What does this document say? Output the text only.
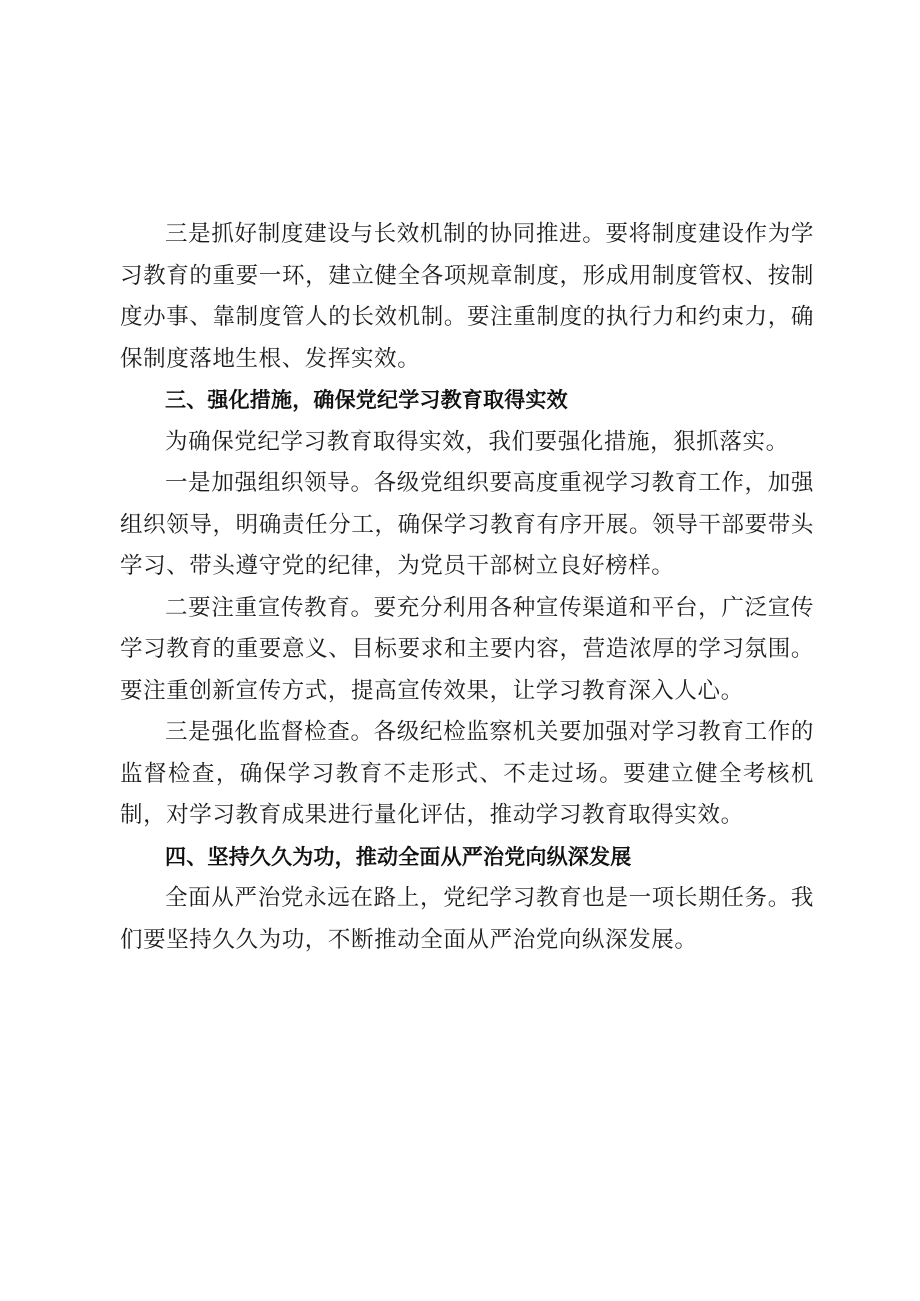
三是抓好制度建设与长效机制的协同推进。要将制度建设作为学习教育的重要一环，建立健全各项规章制度，形成用制度管权、按制度办事、靠制度管人的长效机制。要注重制度的执行力和约束力，确保制度落地生根、发挥实效。

三、强化措施，确保党纪学习教育取得实效

为确保党纪学习教育取得实效，我们要强化措施，狠抓落实。

一是加强组织领导。各级党组织要高度重视学习教育工作，加强组织领导，明确责任分工，确保学习教育有序开展。领导干部要带头学习、带头遵守党的纪律，为党员干部树立良好榜样。

二要注重宣传教育。要充分利用各种宣传渠道和平台，广泛宣传学习教育的重要意义、目标要求和主要内容，营造浓厚的学习氛围。要注重创新宣传方式，提高宣传效果，让学习教育深入人心。

三是强化监督检查。各级纪检监察机关要加强对学习教育工作的监督检查，确保学习教育不走形式、不走过场。要建立健全考核机制，对学习教育成果进行量化评估，推动学习教育取得实效。

四、坚持久久为功，推动全面从严治党向纵深发展

全面从严治党永远在路上，党纪学习教育也是一项长期任务。我们要坚持久久为功，不断推动全面从严治党向纵深发展。
